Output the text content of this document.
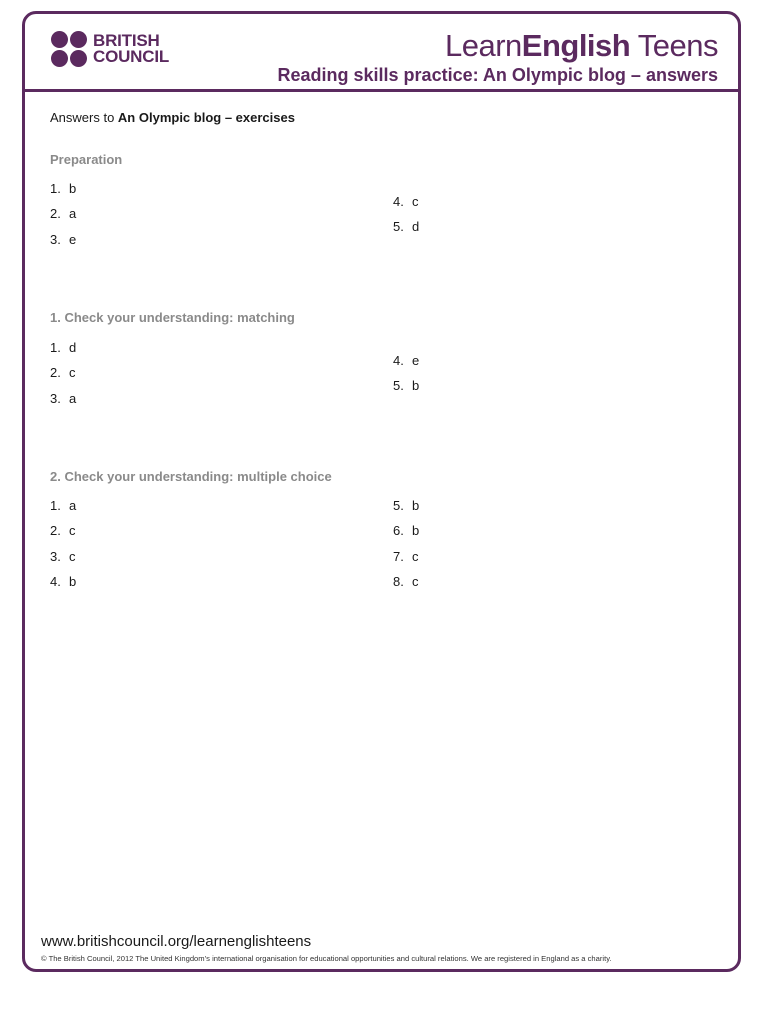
BRITISH
COUNCIL	LearnEnglish Teens
Reading skills practice: An Olympic blog – answers
Answers to An Olympic blog – exercises
Preparation
1. b
2. a
3. e
4. c
5. d
1. Check your understanding: matching
1. d
2. c
3. a
4. e
5. b
2. Check your understanding: multiple choice
1. a
2. c
3. c
4. b
5. b
6. b
7. c
8. c
www.britishcouncil.org/learnenglishteens
© The British Council, 2012 The United Kingdom’s international organisation for educational opportunities and cultural relations. We are registered in England as a charity.
